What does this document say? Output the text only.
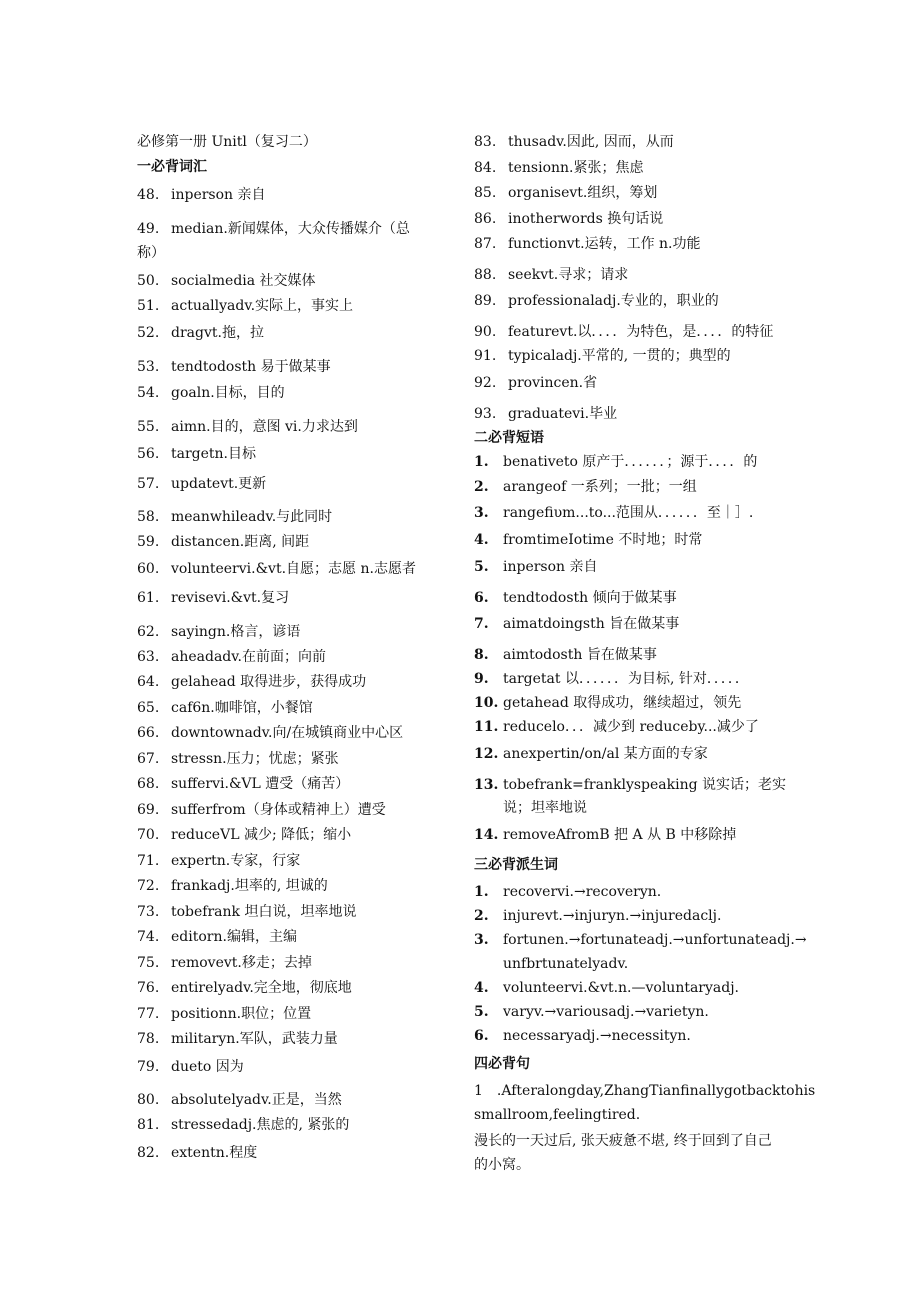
必修第一册 Unitl（复习二）
一必背词汇
48. inperson 亲自
49. median.新闻媒体，大众传播媒介（总
称）
50. socialmedia 社交媒体
51. actuallyadv.实际上，事实上
52. dragvt.拖，拉
53. tendtodosth 易于做某事
54. goaln.目标，目的
55. aimn.目的，意图 vi.力求达到
56. targetn.目标
57. updatevt.更新
58. meanwhileadv.与此同时
59. distancen.距离, 间距
60. volunteervi.&vt.自愿；志愿 n.志愿者
61. revisevi.&vt.复习
62. sayingn.格言，谚语
63. aheadadv.在前面；向前
64. gelahead 取得进步，获得成功
65. caf6n.咖啡馆，小餐馆
66. downtownadv.向/在城镇商业中心区
67. stressn.压力；忧虑；紧张
68. suffervi.&VL 遭受（痛苦）
69. sufferfrom（身体或精神上）遭受
70. reduceVL 减少; 降低；缩小
71. expertn.专家，行家
72. frankadj.坦率的, 坦诚的
73. tobefrank 坦白说，坦率地说
74. editorn.编辑，主编
75. removevt.移走；去掉
76. entirelyadv.完全地，彻底地
77. positionn.职位；位置
78. militaryn.军队，武装力量
79. dueto 因为
80. absolutelyadv.正是，当然
81. stressedadj.焦虑的, 紧张的
82. extentn.程度
83. thusadv.因此, 因而，从而
84. tensionn.紧张；焦虑
85. organisevt.组织，筹划
86. inotherwords 换句话说
87. functionvt.运转，工作 n.功能
88. seekvt.寻求；请求
89. professionaladj.专业的，职业的
90. featurevt.以．．．．为特色，是．．．．的特征
91. typicaladj.平常的, 一贯的；典型的
92. provincen.省
93. graduatevi.毕业
二必背短语
1. benativeto 原产于．．．．．．；源于．．．．的
2. arangeof 一系列；一批；一组
3. rangefiυm...to...范围从．．．．．．至｜］.
4. fromtimeIotime 不时地；时常
5. inperson 亲自
6. tendtodosth 倾向于做某事
7. aimatdoingsth 旨在做某事
8. aimtodosth 旨在做某事
9. targetat 以．．．．．．为目标, 针对．．．．．
10. getahead 取得成功，继续超过，领先
11. reducelo．．．减少到 reduceby...减少了
12. anexpertin/on/al 某方面的专家
13. tobefrank=franklyspeaking 说实话；老实
说；坦率地说
14. removeAfromB 把 A 从 B 中移除掉
三必背派生词
1. recovervi.→recoveryn.
2. injurevt.→injuryn.→injuredaclj.
3. fortunen.→fortunateadj.→unfortunateadj.→
unfbrtunatelyadv.
4. volunteervi.&vt.n.—voluntaryadj.
5. varyv.→variousadj.→varietyn.
6. necessaryadj.→necessityn.
四必背句
1　.Afteralongday,ZhangTianfinallygotbacktohis smallroom,feelingtired.
漫长的一天过后, 张天疲惫不堪, 终于回到了自己的小窝。
